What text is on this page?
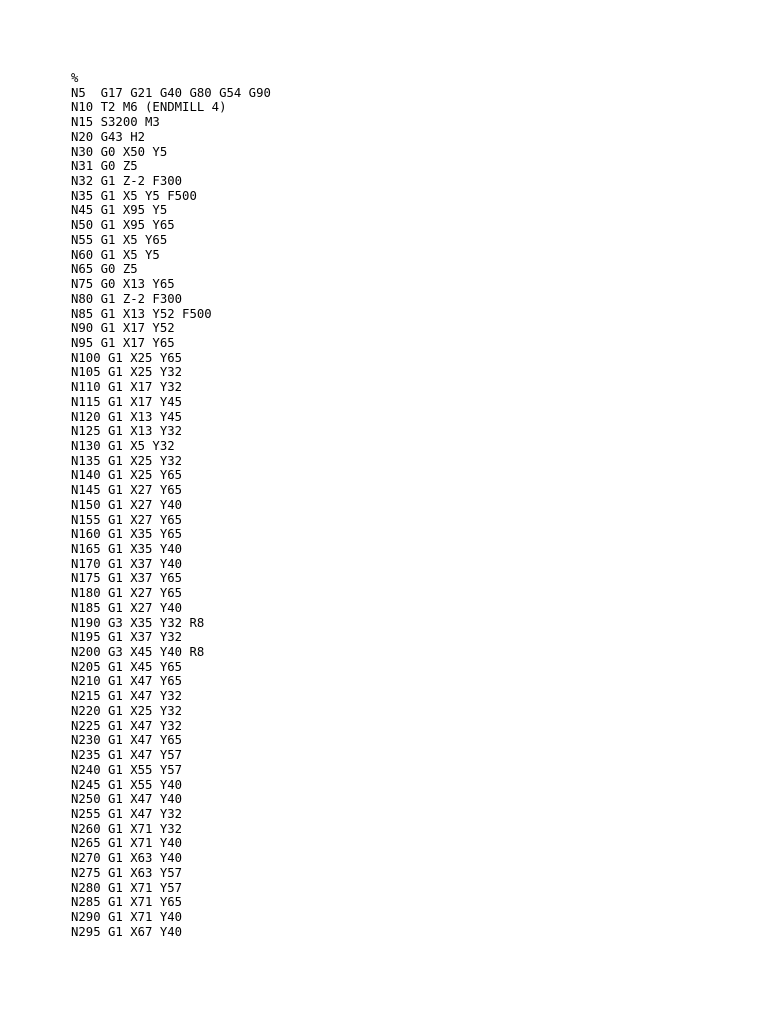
%
N5  G17 G21 G40 G80 G54 G90
N10 T2 M6 (ENDMILL 4)
N15 S3200 M3
N20 G43 H2
N30 G0 X50 Y5
N31 G0 Z5
N32 G1 Z-2 F300
N35 G1 X5 Y5 F500
N45 G1 X95 Y5
N50 G1 X95 Y65
N55 G1 X5 Y65
N60 G1 X5 Y5
N65 G0 Z5
N75 G0 X13 Y65
N80 G1 Z-2 F300
N85 G1 X13 Y52 F500
N90 G1 X17 Y52
N95 G1 X17 Y65
N100 G1 X25 Y65
N105 G1 X25 Y32
N110 G1 X17 Y32
N115 G1 X17 Y45
N120 G1 X13 Y45
N125 G1 X13 Y32
N130 G1 X5 Y32
N135 G1 X25 Y32
N140 G1 X25 Y65
N145 G1 X27 Y65
N150 G1 X27 Y40
N155 G1 X27 Y65
N160 G1 X35 Y65
N165 G1 X35 Y40
N170 G1 X37 Y40
N175 G1 X37 Y65
N180 G1 X27 Y65
N185 G1 X27 Y40
N190 G3 X35 Y32 R8
N195 G1 X37 Y32
N200 G3 X45 Y40 R8
N205 G1 X45 Y65
N210 G1 X47 Y65
N215 G1 X47 Y32
N220 G1 X25 Y32
N225 G1 X47 Y32
N230 G1 X47 Y65
N235 G1 X47 Y57
N240 G1 X55 Y57
N245 G1 X55 Y40
N250 G1 X47 Y40
N255 G1 X47 Y32
N260 G1 X71 Y32
N265 G1 X71 Y40
N270 G1 X63 Y40
N275 G1 X63 Y57
N280 G1 X71 Y57
N285 G1 X71 Y65
N290 G1 X71 Y40
N295 G1 X67 Y40
